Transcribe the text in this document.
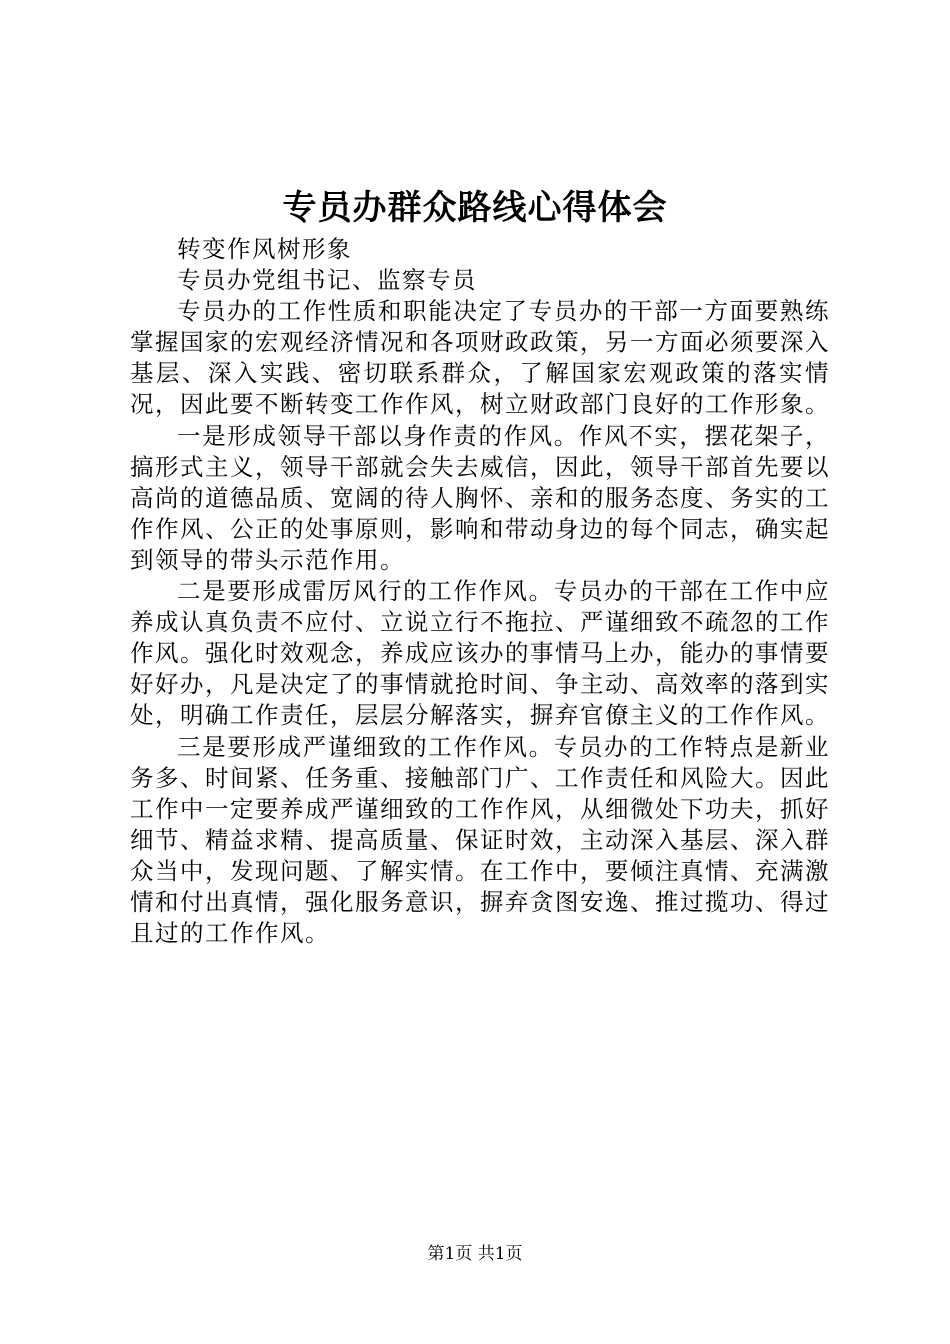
专员办群众路线心得体会

转变作风树形象

专员办党组书记、监察专员

专员办的工作性质和职能决定了专员办的干部一方面要熟练掌握国家的宏观经济情况和各项财政政策，另一方面必须要深入基层、深入实践、密切联系群众，了解国家宏观政策的落实情况，因此要不断转变工作作风，树立财政部门良好的工作形象。

一是形成领导干部以身作责的作风。作风不实，摆花架子，搞形式主义，领导干部就会失去威信，因此，领导干部首先要以高尚的道德品质、宽阔的待人胸怀、亲和的服务态度、务实的工作作风、公正的处事原则，影响和带动身边的每个同志，确实起到领导的带头示范作用。

二是要形成雷厉风行的工作作风。专员办的干部在工作中应养成认真负责不应付、立说立行不拖拉、严谨细致不疏忽的工作作风。强化时效观念，养成应该办的事情马上办，能办的事情要好好办，凡是决定了的事情就抢时间、争主动、高效率的落到实处，明确工作责任，层层分解落实，摒弃官僚主义的工作作风。

三是要形成严谨细致的工作作风。专员办的工作特点是新业务多、时间紧、任务重、接触部门广、工作责任和风险大。因此工作中一定要养成严谨细致的工作作风，从细微处下功夫，抓好细节、精益求精、提高质量、保证时效，主动深入基层、深入群众当中，发现问题、了解实情。在工作中，要倾注真情、充满激情和付出真情，强化服务意识，摒弃贪图安逸、推过揽功、得过且过的工作作风。

第1页 共1页
